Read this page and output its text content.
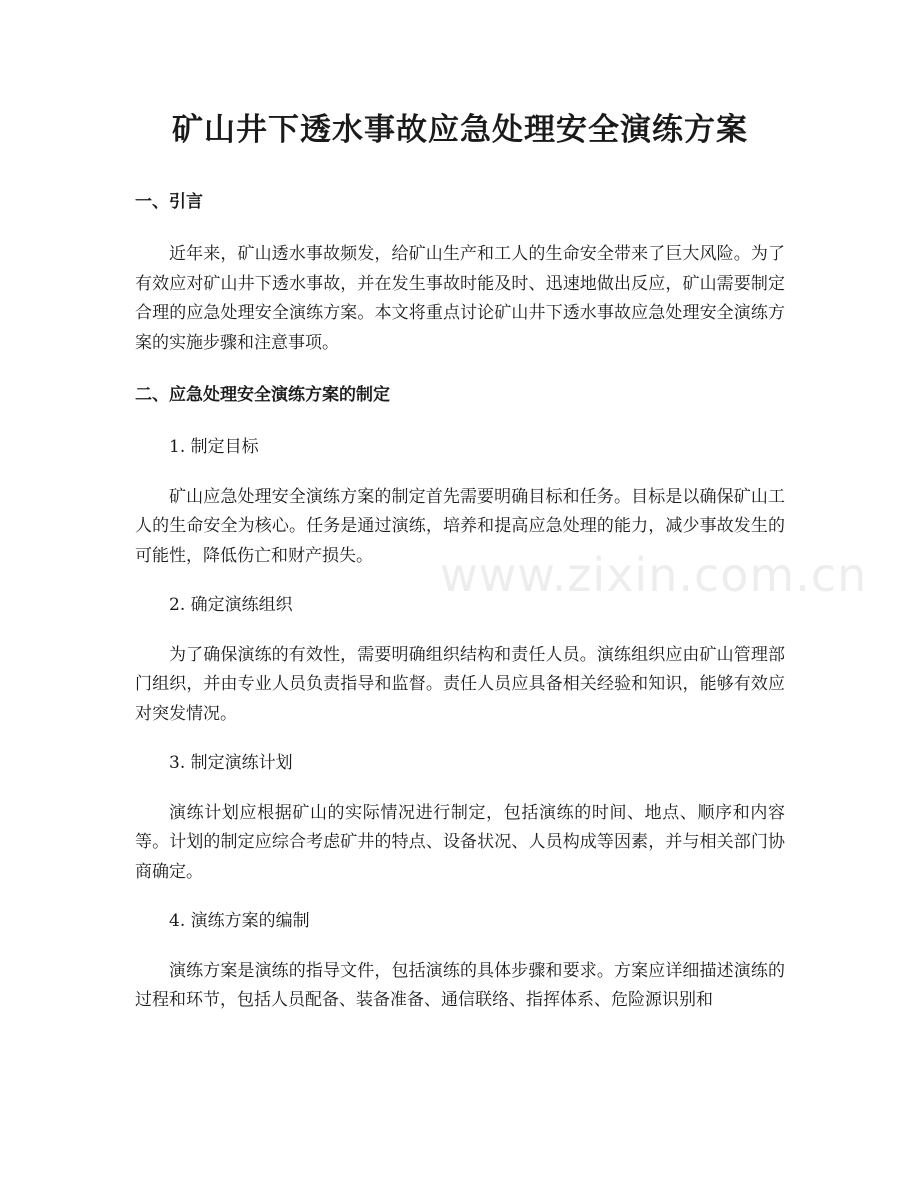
矿山井下透水事故应急处理安全演练方案
一、引言

近年来，矿山透水事故频发，给矿山生产和工人的生命安全带来了巨大风险。为了有效应对矿山井下透水事故，并在发生事故时能及时、迅速地做出反应，矿山需要制定合理的应急处理安全演练方案。本文将重点讨论矿山井下透水事故应急处理安全演练方案的实施步骤和注意事项。

二、应急处理安全演练方案的制定

1. 制定目标

矿山应急处理安全演练方案的制定首先需要明确目标和任务。目标是以确保矿山工人的生命安全为核心。任务是通过演练，培养和提高应急处理的能力，减少事故发生的可能性，降低伤亡和财产损失。

2. 确定演练组织

为了确保演练的有效性，需要明确组织结构和责任人员。演练组织应由矿山管理部门组织，并由专业人员负责指导和监督。责任人员应具备相关经验和知识，能够有效应对突发情况。

3. 制定演练计划

演练计划应根据矿山的实际情况进行制定，包括演练的时间、地点、顺序和内容等。计划的制定应综合考虑矿井的特点、设备状况、人员构成等因素，并与相关部门协商确定。

4. 演练方案的编制

演练方案是演练的指导文件，包括演练的具体步骤和要求。方案应详细描述演练的过程和环节，包括人员配备、装备准备、通信联络、指挥体系、危险源识别和

www.zixin.com.cn
